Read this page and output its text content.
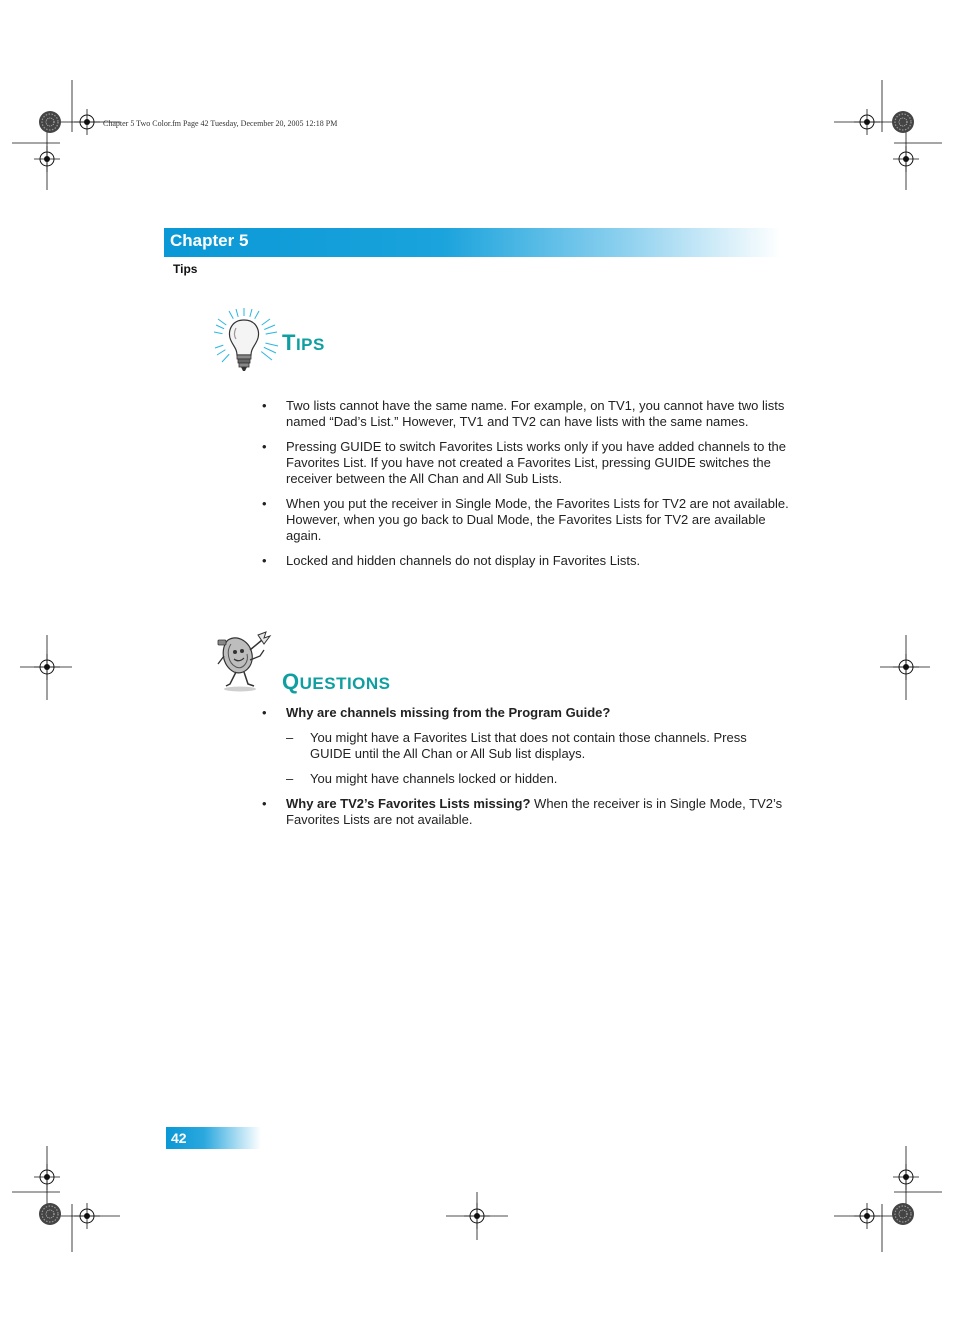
Chapter 5 Two Color.fm Page 42 Tuesday, December 20, 2005 12:18 PM
Chapter 5
Tips
TIPS
• Two lists cannot have the same name. For example, on TV1, you cannot have two lists named “Dad’s List.” However, TV1 and TV2 can have lists with the same names.
• Pressing GUIDE to switch Favorites Lists works only if you have added channels to the Favorites List. If you have not created a Favorites List, pressing GUIDE switches the receiver between the All Chan and All Sub Lists.
• When you put the receiver in Single Mode, the Favorites Lists for TV2 are not available. However, when you go back to Dual Mode, the Favorites Lists for TV2 are available again.
• Locked and hidden channels do not display in Favorites Lists.
QUESTIONS
• Why are channels missing from the Program Guide?
– You might have a Favorites List that does not contain those channels. Press GUIDE until the All Chan or All Sub list displays.
– You might have channels locked or hidden.
• Why are TV2’s Favorites Lists missing? When the receiver is in Single Mode, TV2’s Favorites Lists are not available.
42
